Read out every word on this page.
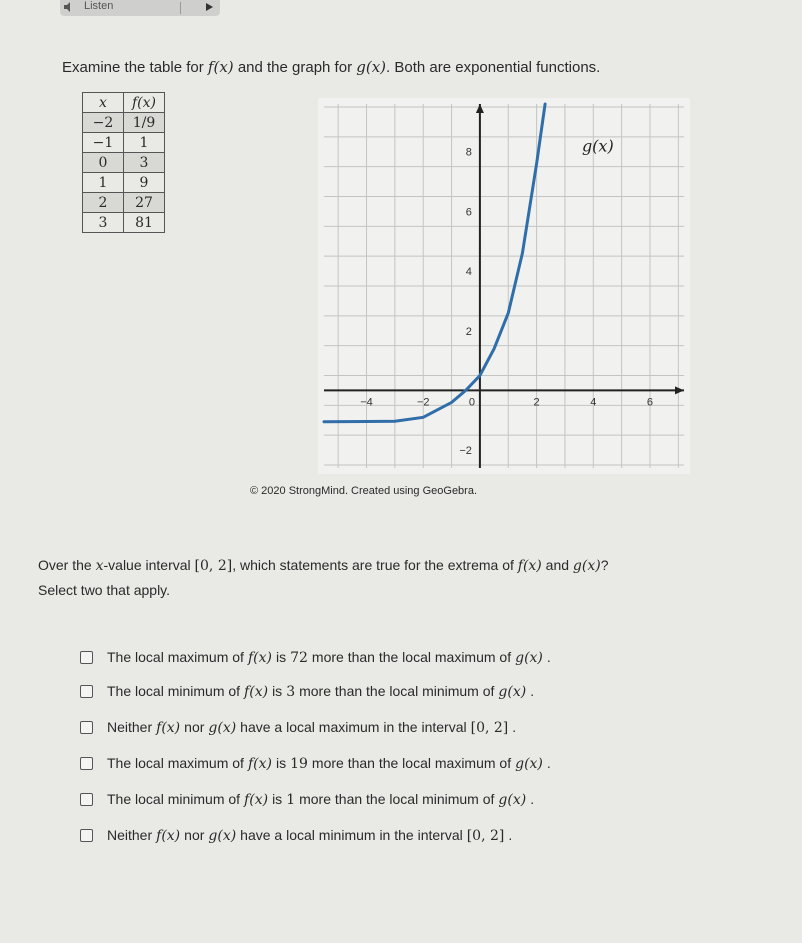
Listen
Examine the table for f(x) and the graph for g(x). Both are exponential functions.
x	f(x)
−2	1/9
−1	1
0	3
1	9
2	27
3	81
−4	−2	0	2	4	6
−2
2
4
6
8	g(x)
© 2020 StrongMind. Created using GeoGebra.
Over the x-value interval [0, 2], which statements are true for the extrema of f(x) and g(x)?
Select two that apply.
The local maximum of f(x) is 72 more than the local maximum of g(x) .
The local minimum of f(x) is 3 more than the local minimum of g(x) .
Neither f(x) nor g(x) have a local maximum in the interval [0, 2] .
The local maximum of f(x) is 19 more than the local maximum of g(x) .
The local minimum of f(x) is 1 more than the local minimum of g(x) .
Neither f(x) nor g(x) have a local minimum in the interval [0, 2] .
